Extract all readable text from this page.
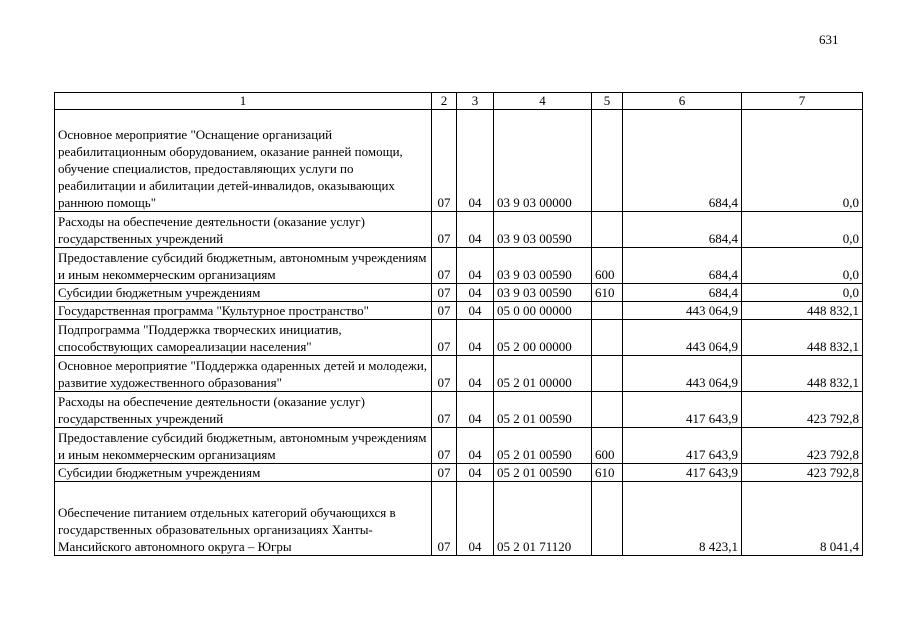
631
1	2	3	4	5	6	7
Основное мероприятие "Оснащение организаций реабилитационным оборудованием, оказание ранней помощи, обучение специалистов, предоставляющих услуги по реабилитации и абилитации детей-инвалидов, оказывающих раннюю помощь"	07	04	03 9 03 00000		684,4	0,0
Расходы на обеспечение деятельности (оказание услуг) государственных учреждений	07	04	03 9 03 00590		684,4	0,0
Предоставление субсидий бюджетным, автономным учреждениям и иным некоммерческим организациям	07	04	03 9 03 00590	600	684,4	0,0
Субсидии бюджетным учреждениям	07	04	03 9 03 00590	610	684,4	0,0
Государственная программа "Культурное пространство"	07	04	05 0 00 00000		443 064,9	448 832,1
Подпрограмма "Поддержка творческих инициатив, способствующих самореализации населения"	07	04	05 2 00 00000		443 064,9	448 832,1
Основное мероприятие "Поддержка одаренных детей и молодежи, развитие художественного образования"	07	04	05 2 01 00000		443 064,9	448 832,1
Расходы на обеспечение деятельности (оказание услуг) государственных учреждений	07	04	05 2 01 00590		417 643,9	423 792,8
Предоставление субсидий бюджетным, автономным учреждениям и иным некоммерческим организациям	07	04	05 2 01 00590	600	417 643,9	423 792,8
Субсидии бюджетным учреждениям	07	04	05 2 01 00590	610	417 643,9	423 792,8
Обеспечение питанием отдельных категорий обучающихся в государственных образовательных организациях Ханты-Мансийского автономного округа – Югры	07	04	05 2 01 71120		8 423,1	8 041,4
